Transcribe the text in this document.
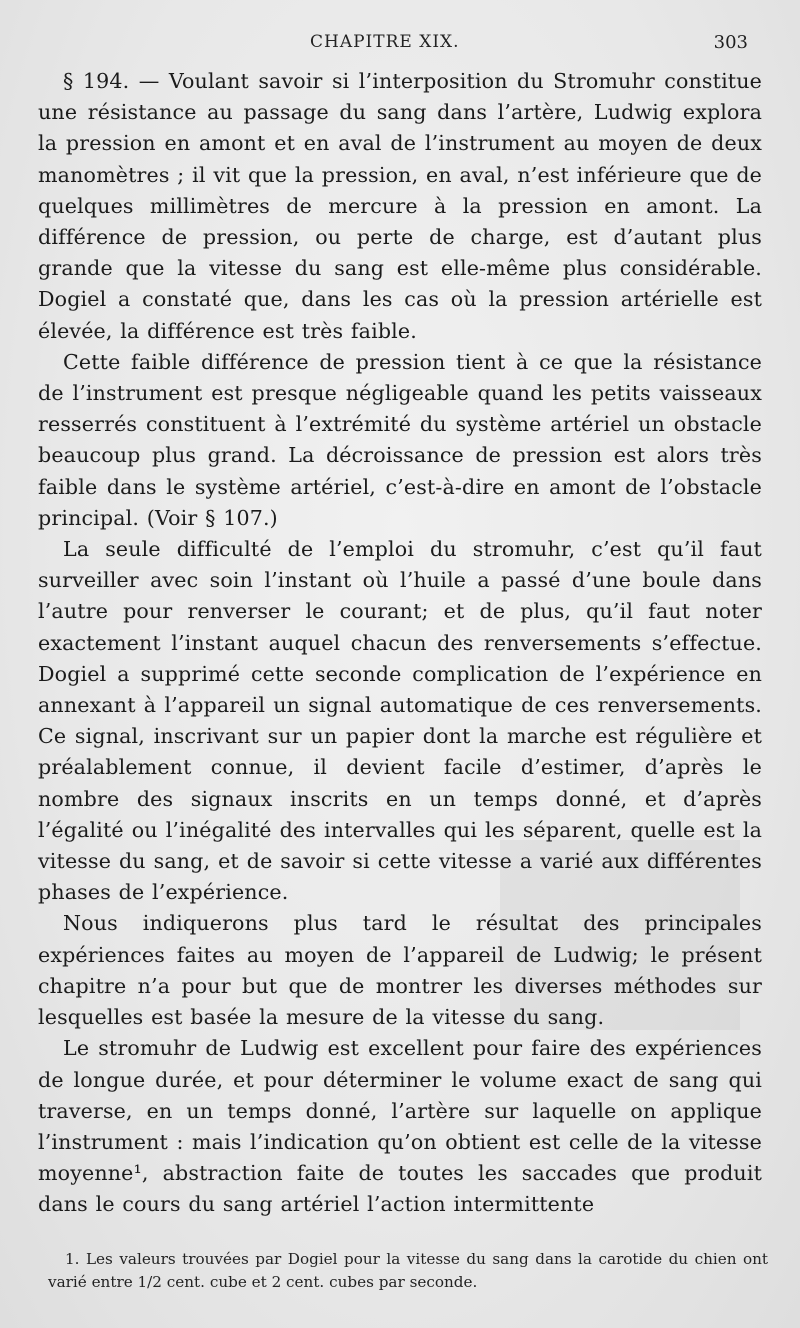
CHAPITRE XIX.	303

§ 194. — Voulant savoir si l’interposition du Stromuhr constitue une résistance au passage du sang dans l’artère, Ludwig explora la pression en amont et en aval de l’instrument au moyen de deux manomètres ; il vit que la pression, en aval, n’est inférieure que de quelques millimètres de mercure à la pression en amont. La différence de pression, ou perte de charge, est d’autant plus grande que la vitesse du sang est elle-même plus considérable. Dogiel a constaté que, dans les cas où la pression artérielle est élevée, la différence est très faible.

Cette faible différence de pression tient à ce que la résistance de l’instrument est presque négligeable quand les petits vaisseaux resserrés constituent à l’extrémité du système artériel un obstacle beaucoup plus grand. La décroissance de pression est alors très faible dans le système artériel, c’est-à-dire en amont de l’obstacle principal. (Voir § 107.)

La seule difficulté de l’emploi du stromuhr, c’est qu’il faut surveiller avec soin l’instant où l’huile a passé d’une boule dans l’autre pour renverser le courant; et de plus, qu’il faut noter exactement l’instant auquel chacun des renversements s’effectue. Dogiel a supprimé cette seconde complication de l’expérience en annexant à l’appareil un signal automatique de ces renversements. Ce signal, inscrivant sur un papier dont la marche est régulière et préalablement connue, il devient facile d’estimer, d’après le nombre des signaux inscrits en un temps donné, et d’après l’égalité ou l’inégalité des intervalles qui les séparent, quelle est la vitesse du sang, et de savoir si cette vitesse a varié aux différentes phases de l’expérience.

Nous indiquerons plus tard le résultat des principales expériences faites au moyen de l’appareil de Ludwig; le présent chapitre n’a pour but que de montrer les diverses méthodes sur lesquelles est basée la mesure de la vitesse du sang.

Le stromuhr de Ludwig est excellent pour faire des expériences de longue durée, et pour déterminer le volume exact de sang qui traverse, en un temps donné, l’artère sur laquelle on applique l’instrument : mais l’indication qu’on obtient est celle de la vitesse moyenne¹, abstraction faite de toutes les saccades que produit dans le cours du sang artériel l’action intermittente

1. Les valeurs trouvées par Dogiel pour la vitesse du sang dans la carotide du chien ont varié entre 1/2 cent. cube et 2 cent. cubes par seconde.
